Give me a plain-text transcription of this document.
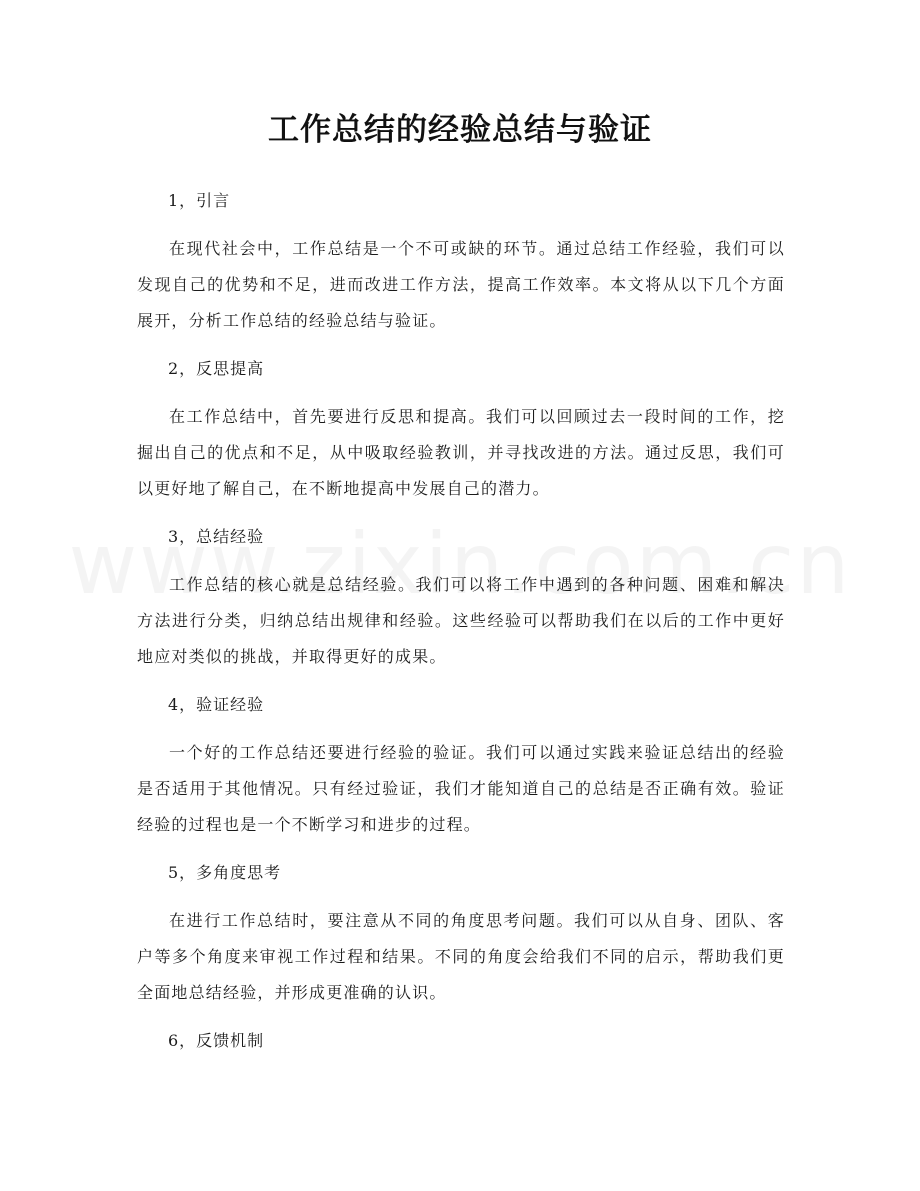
工作总结的经验总结与验证
1，引言

在现代社会中，工作总结是一个不可或缺的环节。通过总结工作经验，我们可以发现自己的优势和不足，进而改进工作方法，提高工作效率。本文将从以下几个方面展开，分析工作总结的经验总结与验证。

2，反思提高

在工作总结中，首先要进行反思和提高。我们可以回顾过去一段时间的工作，挖掘出自己的优点和不足，从中吸取经验教训，并寻找改进的方法。通过反思，我们可以更好地了解自己，在不断地提高中发展自己的潜力。

3，总结经验

工作总结的核心就是总结经验。我们可以将工作中遇到的各种问题、困难和解决方法进行分类，归纳总结出规律和经验。这些经验可以帮助我们在以后的工作中更好地应对类似的挑战，并取得更好的成果。

4，验证经验

一个好的工作总结还要进行经验的验证。我们可以通过实践来验证总结出的经验是否适用于其他情况。只有经过验证，我们才能知道自己的总结是否正确有效。验证经验的过程也是一个不断学习和进步的过程。

5，多角度思考

在进行工作总结时，要注意从不同的角度思考问题。我们可以从自身、团队、客户等多个角度来审视工作过程和结果。不同的角度会给我们不同的启示，帮助我们更全面地总结经验，并形成更准确的认识。

6，反馈机制
